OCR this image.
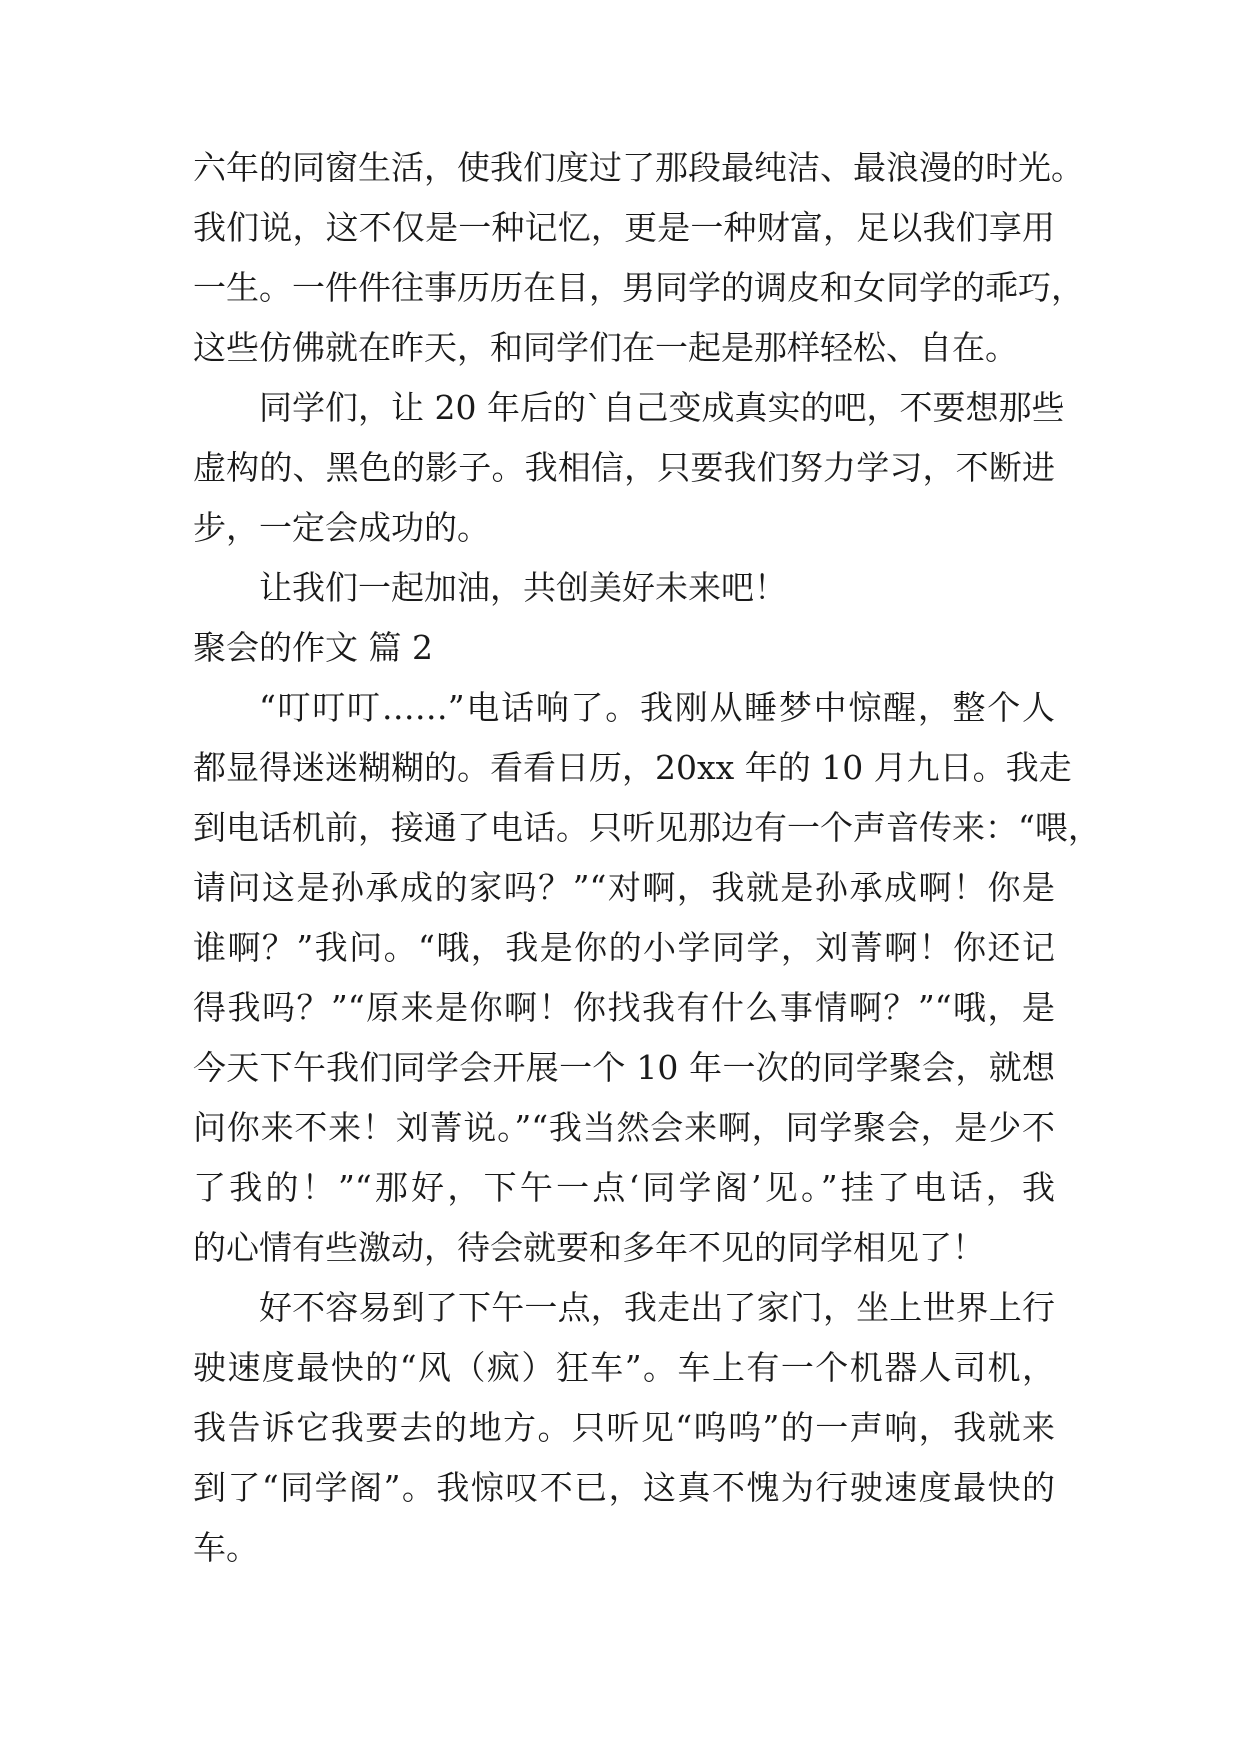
六年的同窗生活，使我们度过了那段最纯洁、最浪漫的时光。
我们说，这不仅是一种记忆，更是一种财富，足以我们享用
一生。一件件往事历历在目，男同学的调皮和女同学的乖巧，
这些仿佛就在昨天，和同学们在一起是那样轻松、自在。
同学们，让 20 年后的`自己变成真实的吧，不要想那些
虚构的、黑色的影子。我相信，只要我们努力学习，不断进
步，一定会成功的。
让我们一起加油，共创美好未来吧！
聚会的作文 篇 2
“叮叮叮……”电话响了。我刚从睡梦中惊醒，整个人
都显得迷迷糊糊的。看看日历，20xx 年的 10 月九日。我走
到电话机前，接通了电话。只听见那边有一个声音传来：“喂，
请问这是孙承成的家吗？”“对啊，我就是孙承成啊！你是
谁啊？”我问。“哦，我是你的小学同学，刘菁啊！你还记
得我吗？”“原来是你啊！你找我有什么事情啊？”“哦，是
今天下午我们同学会开展一个 10 年一次的同学聚会，就想
问你来不来！刘菁说。”“我当然会来啊，同学聚会，是少不
了我的！”“那好，下午一点‘同学阁’见。”挂了电话，我
的心情有些激动，待会就要和多年不见的同学相见了！
好不容易到了下午一点，我走出了家门，坐上世界上行
驶速度最快的“风（疯）狂车”。车上有一个机器人司机，
我告诉它我要去的地方。只听见“呜呜”的一声响，我就来
到了“同学阁”。我惊叹不已，这真不愧为行驶速度最快的
车。
